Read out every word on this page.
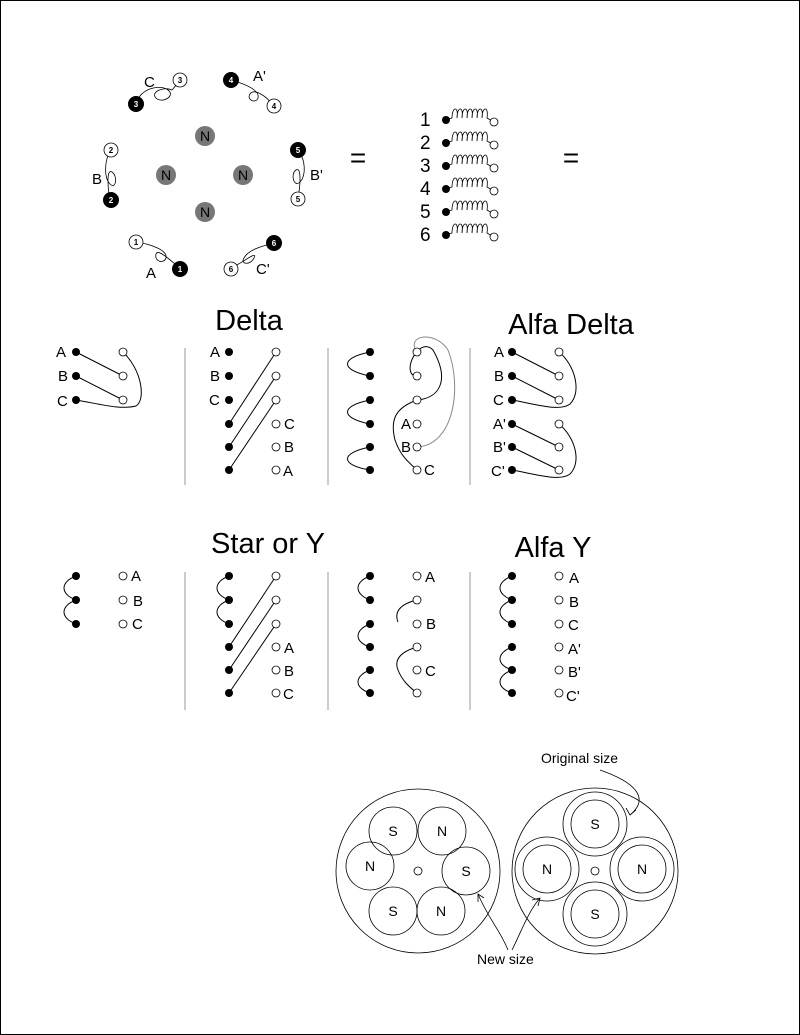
N
N	N
N
3
3
C	4
4
A'
2
2
B
5
5
B'
1
1
A
6
6 C'
=	=
1
2
3
4
5
6
Delta	Alfa Delta
Star or Y	Alfa Y
A
B
C
A
B
C
C
B
A
A
B
C
A
B
C
A'
B'
C'
A
B
C
A
B
C
A
B
C
A
B
C
A'
B'
C'
S	N
N	S
S	N
S
N	N
S
Original size
New size
